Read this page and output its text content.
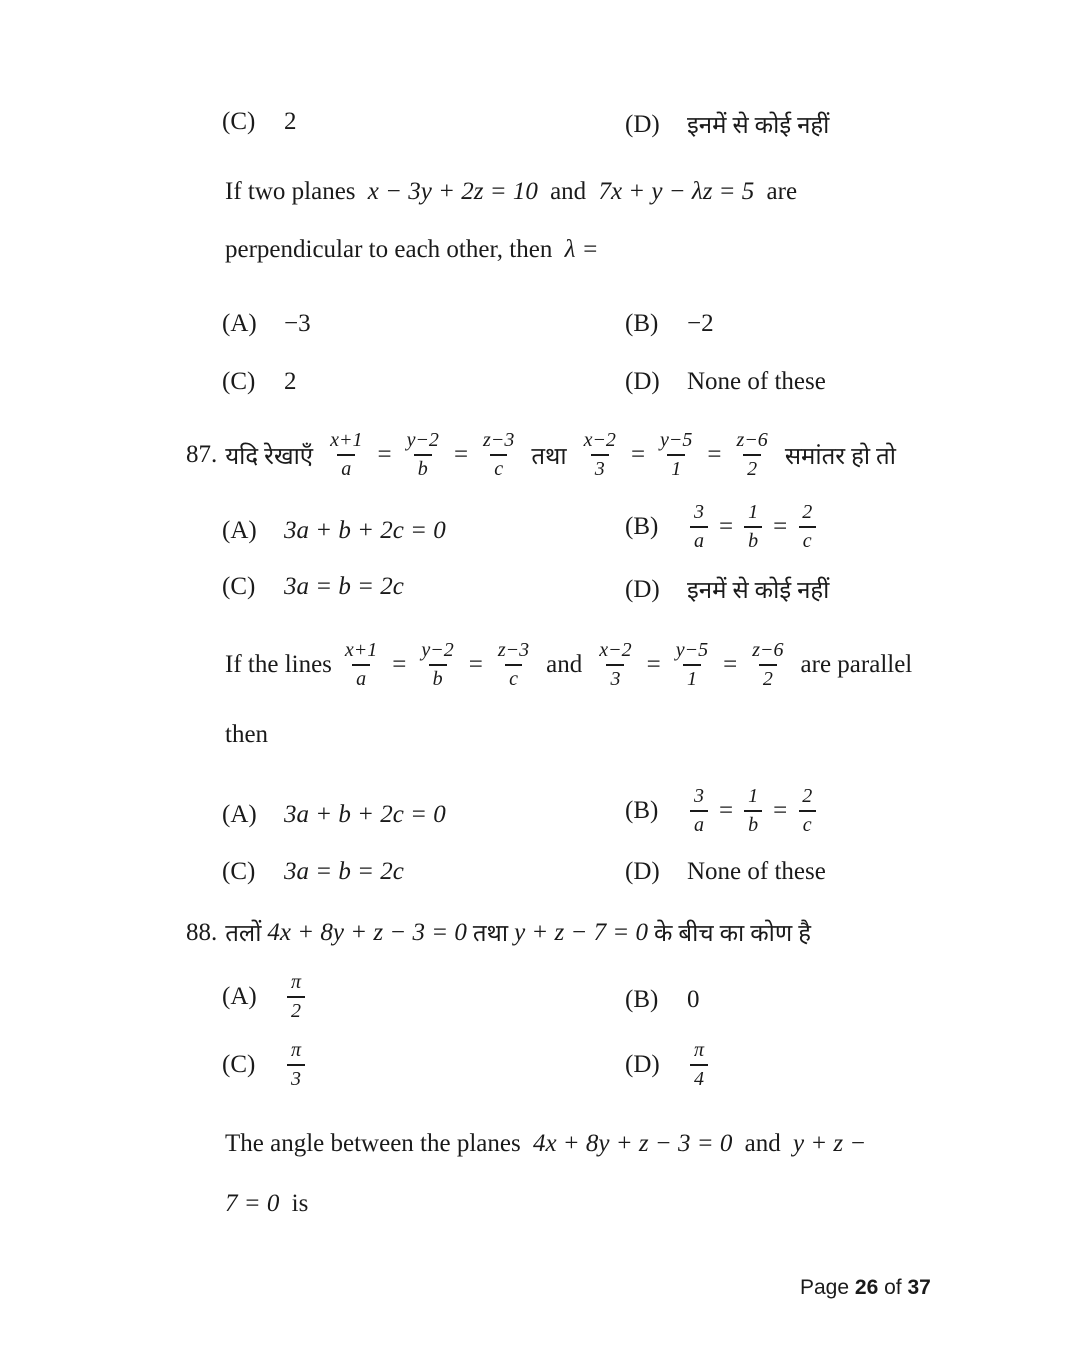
(C)	2	(D)	इनमें से कोई नहीं
If two planes x − 3y + 2z = 10 and 7x + y − λz = 5 are
perpendicular to each other, then λ =
(A)	−3	(B)	−2
(C)	2	(D)	None of these
87. यदि रेखाएँ $\frac{x+1}{a} = \frac{y-2}{b} = \frac{z-3}{c}$ तथा $\frac{x-2}{3} = \frac{y-5}{1} = \frac{z-6}{2}$ समांतर हो तो
(A)	3a + b + 2c = 0	(B)	$\frac{3}{a} = \frac{1}{b} = \frac{2}{c}$
(C)	3a = b = 2c	(D)	इनमें से कोई नहीं
If the lines $\frac{x+1}{a} = \frac{y-2}{b} = \frac{z-3}{c}$ and $\frac{x-2}{3} = \frac{y-5}{1} = \frac{z-6}{2}$ are parallel
then
(A)	3a + b + 2c = 0	(B)	$\frac{3}{a} = \frac{1}{b} = \frac{2}{c}$
(C)	3a = b = 2c	(D)	None of these
88. तलों 4x + 8y + z − 3 = 0 तथा y + z − 7 = 0 के बीच का कोण है
(A)	$\frac{\pi}{2}$	(B)	0
(C)	$\frac{\pi}{3}$	(D)	$\frac{\pi}{4}$
The angle between the planes 4x + 8y + z − 3 = 0 and y + z −
7 = 0 is
Page 26 of 37
